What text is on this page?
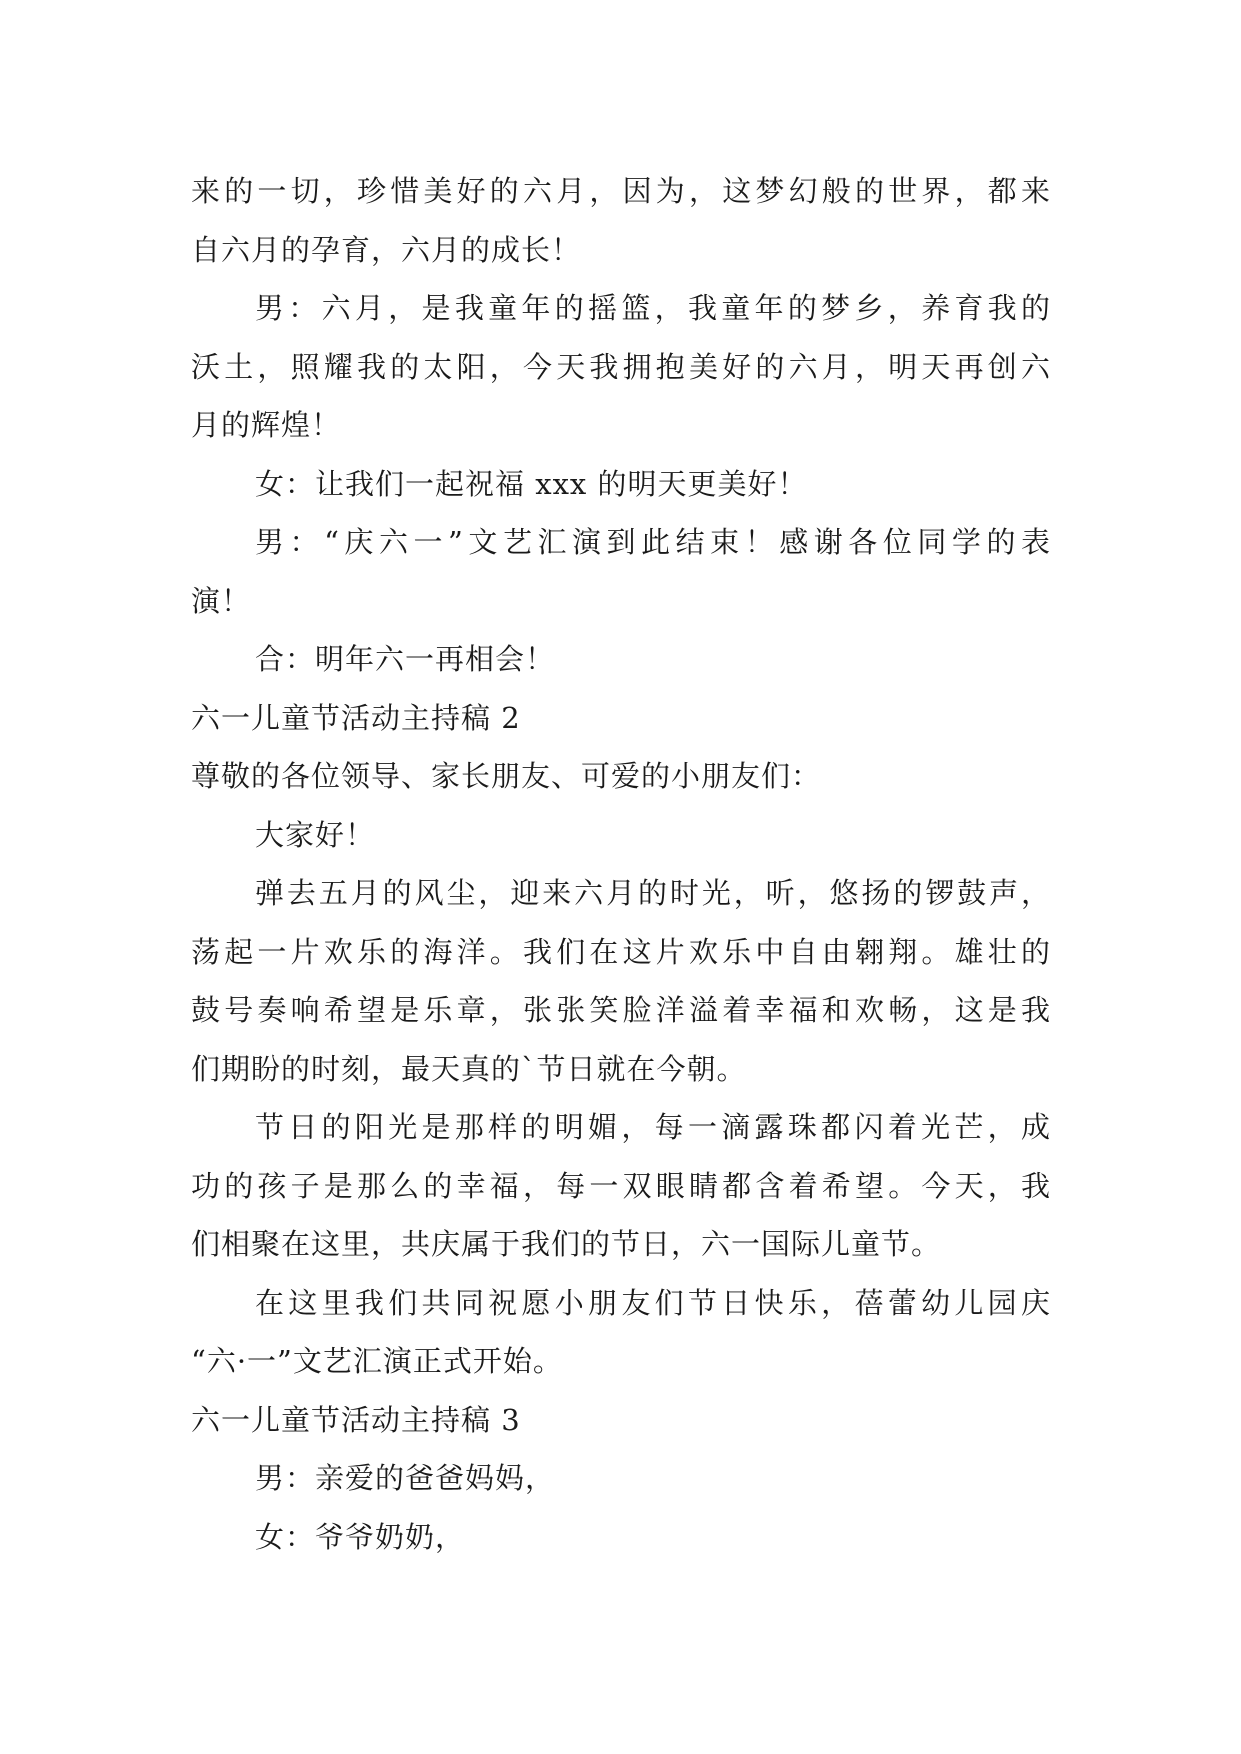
来的一切，珍惜美好的六月，因为，这梦幻般的世界，都来
自六月的孕育，六月的成长！
男：六月，是我童年的摇篮，我童年的梦乡，养育我的
沃土，照耀我的太阳，今天我拥抱美好的六月，明天再创六
月的辉煌！
女：让我们一起祝福 xxx 的明天更美好！
男：“庆六一”文艺汇演到此结束！感谢各位同学的表
演！
合：明年六一再相会！
六一儿童节活动主持稿 2
尊敬的各位领导、家长朋友、可爱的小朋友们：
大家好！
弹去五月的风尘，迎来六月的时光，听，悠扬的锣鼓声，
荡起一片欢乐的海洋。我们在这片欢乐中自由翱翔。雄壮的
鼓号奏响希望是乐章，张张笑脸洋溢着幸福和欢畅，这是我
们期盼的时刻，最天真的`节日就在今朝。
节日的阳光是那样的明媚，每一滴露珠都闪着光芒，成
功的孩子是那么的幸福，每一双眼睛都含着希望。今天，我
们相聚在这里，共庆属于我们的节日，六一国际儿童节。
在这里我们共同祝愿小朋友们节日快乐，蓓蕾幼儿园庆
“六·一”文艺汇演正式开始。
六一儿童节活动主持稿 3
男：亲爱的爸爸妈妈，
女：爷爷奶奶，
